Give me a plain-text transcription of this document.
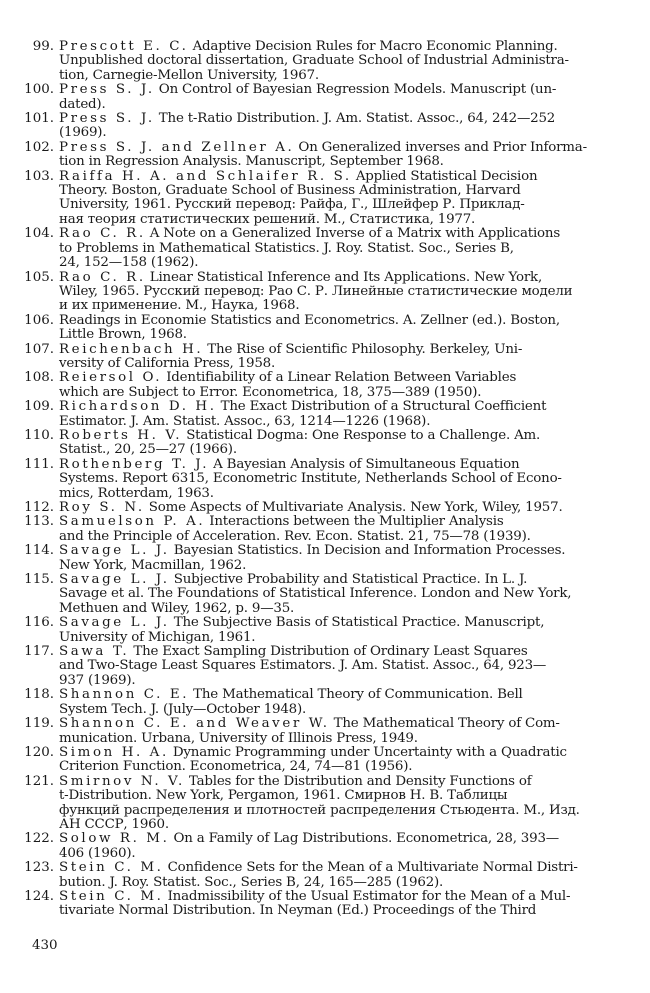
99. Prescott E. C. Adaptive Decision Rules for Macro Economic Planning.
Unpublished doctoral dissertation, Graduate School of Industrial Administra-
tion, Carnegie-Mellon University, 1967.
100. Press S. J. On Control of Bayesian Regression Models. Manuscript (un-
dated).
101. Press S. J. The t-Ratio Distribution. J. Am. Statist. Assoc., 64, 242—252
(1969).
102. Press S. J. and Zellner A. On Generalized inverses and Prior Informa-
tion in Regression Analysis. Manuscript, September 1968.
103. Raiffa H. A. and Schlaifer R. S. Applied Statistical Decision
Theory. Boston, Graduate School of Business Administration, Harvard
University, 1961. Русский перевод: Райфа, Г., Шлейфер Р. Приклад-
ная теория статистических решений. М., Статистика, 1977.
104. Rao C. R. A Note on a Generalized Inverse of a Matrix with Applications
to Problems in Mathematical Statistics. J. Roy. Statist. Soc., Series B,
24, 152—158 (1962).
105. Rao C. R. Linear Statistical Inference and Its Applications. New York,
Wiley, 1965. Русский перевод: Рао С. Р. Линейные статистические модели
и их применение. М., Наука, 1968.
106. Readings in Economie Statistics and Econometrics. A. Zellner (ed.). Boston,
Little Brown, 1968.
107. Reichenbach H. The Rise of Scientific Philosophy. Berkeley, Uni-
versity of California Press, 1958.
108. Reiersol O. Identifiability of a Linear Relation Between Variables
which are Subject to Error. Econometrica, 18, 375—389 (1950).
109. Richardson D. H. The Exact Distribution of a Structural Coefficient
Estimator. J. Am. Statist. Assoc., 63, 1214—1226 (1968).
110. Roberts H. V. Statistical Dogma: One Response to a Challenge. Am.
Statist., 20, 25—27 (1966).
111. Rothenberg T. J. A Bayesian Analysis of Simultaneous Equation
Systems. Report 6315, Econometric Institute, Netherlands School of Econo-
mics, Rotterdam, 1963.
112. Roy S. N. Some Aspects of Multivariate Analysis. New York, Wiley, 1957.
113. Samuelson P. A. Interactions between the Multiplier Analysis
and the Principle of Acceleration. Rev. Econ. Statist. 21, 75—78 (1939).
114. Savage L. J. Bayesian Statistics. In Decision and Information Processes.
New York, Macmillan, 1962.
115. Savage L. J. Subjective Probability and Statistical Practice. In L. J.
Savage et al. The Foundations of Statistical Inference. London and New York,
Methuen and Wiley, 1962, p. 9—35.
116. Savage L. J. The Subjective Basis of Statistical Practice. Manuscript,
University of Michigan, 1961.
117. Sawa T. The Exact Sampling Distribution of Ordinary Least Squares
and Two-Stage Least Squares Estimators. J. Am. Statist. Assoc., 64, 923—
937 (1969).
118. Shannon C. E. The Mathematical Theory of Communication. Bell
System Tech. J. (July—October 1948).
119. Shannon C. E. and Weaver W. The Mathematical Theory of Com-
munication. Urbana, University of Illinois Press, 1949.
120. Simon H. A. Dynamic Programming under Uncertainty with a Quadratic
Criterion Function. Econometrica, 24, 74—81 (1956).
121. Smirnov N. V. Tables for the Distribution and Density Functions of
t-Distribution. New York, Pergamon, 1961. Смирнов Н. В. Таблицы
функций распределения и плотностей распределения Стьюдента. М., Изд.
АН СССР, 1960.
122. Solow R. M. On a Family of Lag Distributions. Econometrica, 28, 393—
406 (1960).
123. Stein C. M. Confidence Sets for the Mean of a Multivariate Normal Distri-
bution. J. Roy. Statist. Soc., Series B, 24, 165—285 (1962).
124. Stein C. M. Inadmissibility of the Usual Estimator for the Mean of a Mul-
tivariate Normal Distribution. In Neyman (Ed.) Proceedings of the Third
430
